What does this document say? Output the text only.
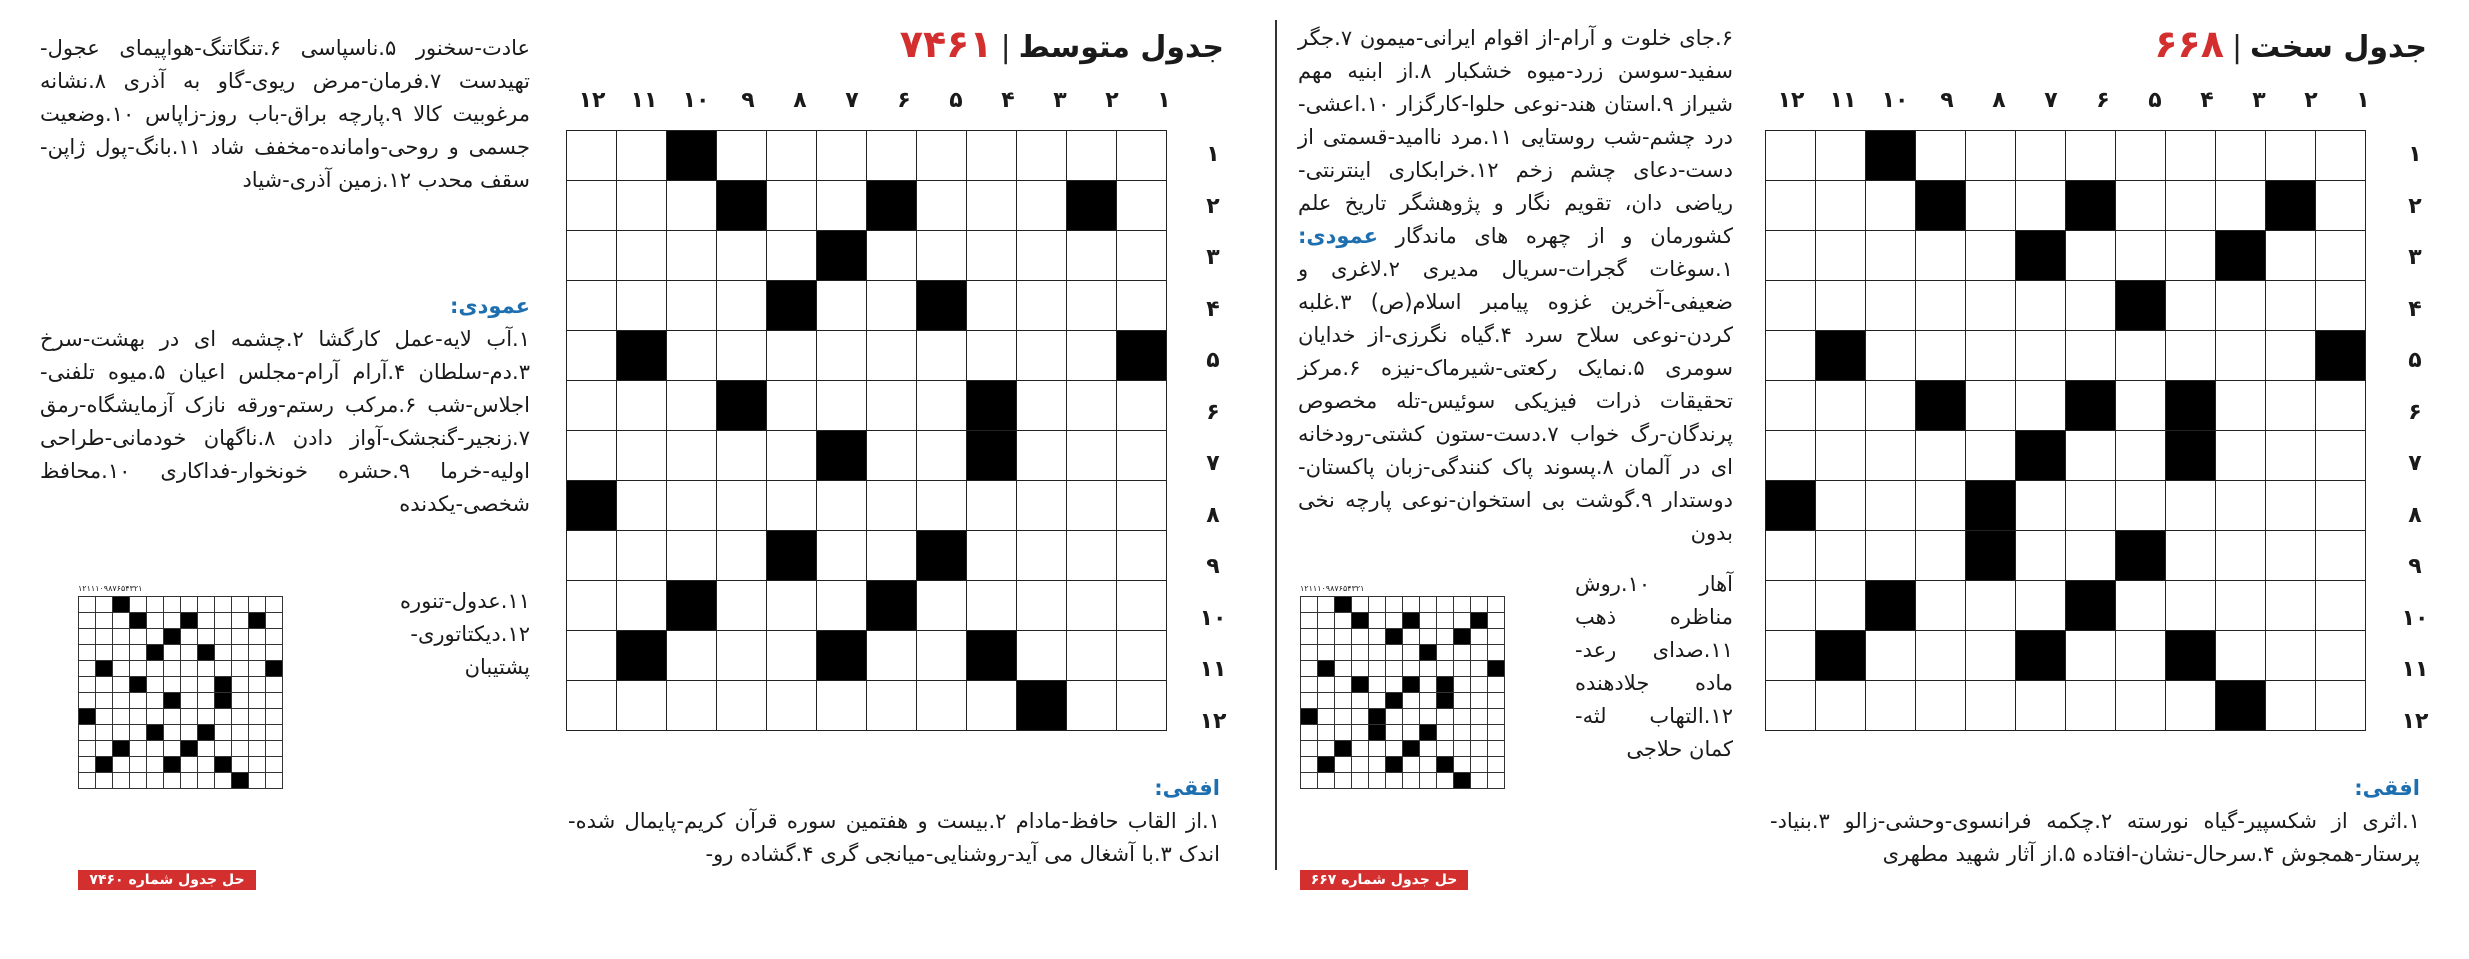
جدول سخت|۶۶۸
۱
۲
۳
۴
۵
۶
۷
۸
۹
۱۰
۱۱
۱۲
۱
۲
۳
۴
۵
۶
۷
۸
۹
۱۰
۱۱
۱۲

افقی:
۱.اثری از شکسپیر-گیاه نورسته ۲.چکمه فرانسوی-وحشی-زالو ۳.بنیاد-پرستار-همجوش ۴.سرحال-نشان-افتاده ۵.از آثار شهید مطهری
۶.جای خلوت و آرام-از اقوام ایرانی-میمون ۷.جگر سفید-سوسن زرد-میوه خشکبار ۸.از ابنیه مهم شیراز ۹.استان هند-نوعی حلوا-کارگزار ۱۰.اعشی-درد چشم-شب روستایی ۱۱.مرد ناامید-قسمتی از دست-دعای چشم زخم ۱۲.خرابکاری اینترنتی-ریاضی دان، تقویم نگار و پژوهشگر تاریخ علم کشورمان و از چهره های ماندگار عمودی: ۱.سوغات گجرات-سریال مدیری ۲.لاغری و ضعیفی-آخرین غزوه پیامبر اسلام(ص) ۳.غلبه کردن-نوعی سلاح سرد ۴.گیاه نگرزی-از خدایان سومری ۵.نمایک رکعتی-شیرماک-نیزه ۶.مرکز تحقیقات ذرات فیزیکی سوئیس-تله مخصوص پرندگان-رگ خواب ۷.دست-ستون کشتی-رودخانه ای در آلمان ۸.پسوند پاک کنندگی-زبان پاکستان-دوستدار ۹.گوشت بی استخوان-نوعی پارچه نخی بدون
آهار ۱۰.روش مناظره ذهب ۱۱.صدای رعد-ماده جلادهنده ۱۲.التهاب لثه-کمان حلاجی
۱۲۱۱۱۰۹۸۷۶۵۴۳۲۱

حل جدول شماره ۶۶۷
جدول متوسط|۷۴۶۱
۱
۲
۳
۴
۵
۶
۷
۸
۹
۱۰
۱۱
۱۲
۱
۲
۳
۴
۵
۶
۷
۸
۹
۱۰
۱۱
۱۲

افقی:
۱.از القاب حافظ-مادام ۲.بیست و هفتمین سوره قرآن کریم-پایمال شده-اندک ۳.با آشغال می آید-روشنایی-میانجی گری ۴.گشاده رو-
عادت-سخنور ۵.ناسپاسی ۶.تنگاتنگ-هواپیمای عجول-تهیدست ۷.فرمان-مرض ریوی-گاو به آذری ۸.نشانه مرغوبیت کالا ۹.پارچه براق-باب روز-زاپاس ۱۰.وضعیت جسمی و روحی-وامانده-مخفف شاد ۱۱.بانگ-پول ژاپن-سقف محدب ۱۲.زمین آذری-شیاد
عمودی:
۱.آب لایه-عمل کارگشا ۲.چشمه ای در بهشت-سرخ ۳.دم-سلطان ۴.آرام آرام-مجلس اعیان ۵.میوه تلفنی-اجلاس-شب ۶.مرکب رستم-ورقه نازک آزمایشگاه-رمق ۷.زنجیر-گنجشک-آواز دادن ۸.ناگهان خودمانی-طراحی اولیه-خرما ۹.حشره خونخوار-فداکاری ۱۰.محافظ شخصی-یکدنده
۱۱.عدول-تنوره ۱۲.دیکتاتوری-پشتیبان
۱۲۱۱۱۰۹۸۷۶۵۴۳۲۱

حل جدول شماره ۷۴۶۰
